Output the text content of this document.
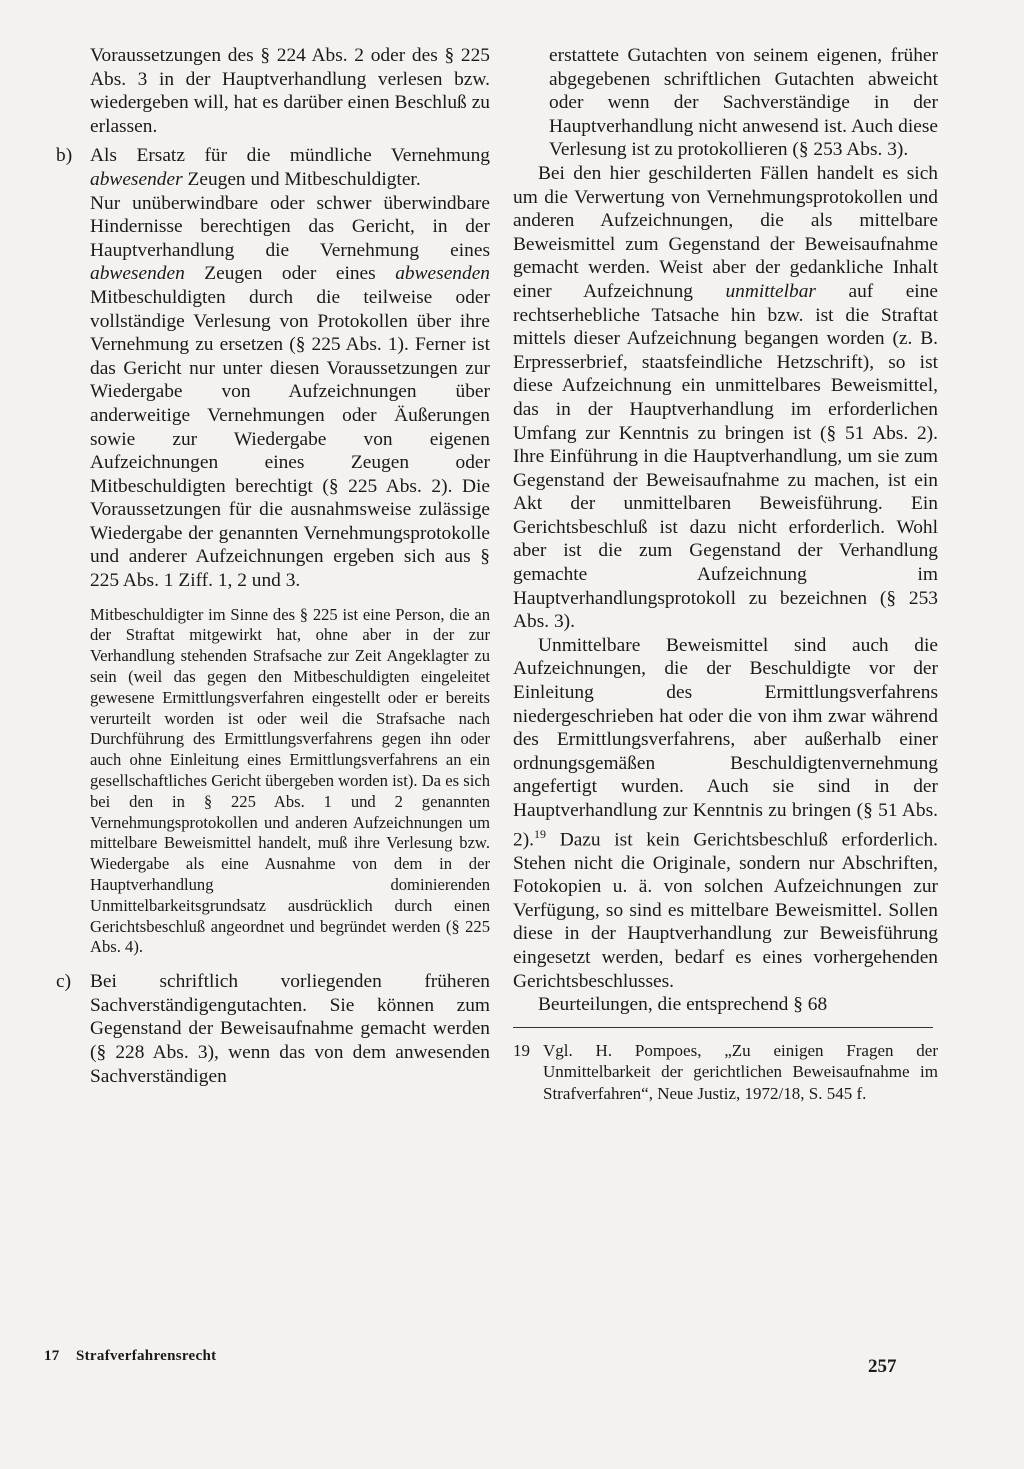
Voraussetzungen des § 224 Abs. 2 oder des § 225 Abs. 3 in der Hauptverhandlung verlesen bzw. wiedergeben will, hat es darüber einen Beschluß zu erlassen.

b) Als Ersatz für die mündliche Vernehmung abwesender Zeugen und Mitbeschuldigter.

Nur unüberwindbare oder schwer überwindbare Hindernisse berechtigen das Gericht, in der Hauptverhandlung die Vernehmung eines abwesenden Zeugen oder eines abwesenden Mitbeschuldigten durch die teilweise oder vollständige Verlesung von Protokollen über ihre Vernehmung zu ersetzen (§ 225 Abs. 1). Ferner ist das Gericht nur unter diesen Voraussetzungen zur Wiedergabe von Aufzeichnungen über anderweitige Vernehmungen oder Äußerungen sowie zur Wiedergabe von eigenen Aufzeichnungen eines Zeugen oder Mitbeschuldigten berechtigt (§ 225 Abs. 2). Die Voraussetzungen für die ausnahmsweise zulässige Wiedergabe der genannten Vernehmungsprotokolle und anderer Aufzeichnungen ergeben sich aus § 225 Abs. 1 Ziff. 1, 2 und 3.

Mitbeschuldigter im Sinne des § 225 ist eine Person, die an der Straftat mitgewirkt hat, ohne aber in der zur Verhandlung stehenden Strafsache zur Zeit Angeklagter zu sein (weil das gegen den Mitbeschuldigten eingeleitet gewesene Ermittlungsverfahren eingestellt oder er bereits verurteilt worden ist oder weil die Strafsache nach Durchführung des Ermittlungsverfahrens gegen ihn oder auch ohne Einleitung eines Ermittlungsverfahrens an ein gesellschaftliches Gericht übergeben worden ist). Da es sich bei den in § 225 Abs. 1 und 2 genannten Vernehmungsprotokollen und anderen Aufzeichnungen um mittelbare Beweismittel handelt, muß ihre Verlesung bzw. Wiedergabe als eine Ausnahme von dem in der Hauptverhandlung dominierenden Unmittelbarkeitsgrundsatz ausdrücklich durch einen Gerichtsbeschluß angeordnet und begründet werden (§ 225 Abs. 4).

c) Bei schriftlich vorliegenden früheren Sachverständigengutachten. Sie können zum Gegenstand der Beweisaufnahme gemacht werden (§ 228 Abs. 3), wenn das von dem anwesenden Sachverständigen

erstattete Gutachten von seinem eigenen, früher abgegebenen schriftlichen Gutachten abweicht oder wenn der Sachverständige in der Hauptverhandlung nicht anwesend ist. Auch diese Verlesung ist zu protokollieren (§ 253 Abs. 3).

Bei den hier geschilderten Fällen handelt es sich um die Verwertung von Vernehmungsprotokollen und anderen Aufzeichnungen, die als mittelbare Beweismittel zum Gegenstand der Beweisaufnahme gemacht werden. Weist aber der gedankliche Inhalt einer Aufzeichnung unmittelbar auf eine rechtserhebliche Tatsache hin bzw. ist die Straftat mittels dieser Aufzeichnung begangen worden (z. B. Erpresserbrief, staatsfeindliche Hetzschrift), so ist diese Aufzeichnung ein unmittelbares Beweismittel, das in der Hauptverhandlung im erforderlichen Umfang zur Kenntnis zu bringen ist (§ 51 Abs. 2). Ihre Einführung in die Hauptverhandlung, um sie zum Gegenstand der Beweisaufnahme zu machen, ist ein Akt der unmittelbaren Beweisführung. Ein Gerichtsbeschluß ist dazu nicht erforderlich. Wohl aber ist die zum Gegenstand der Verhandlung gemachte Aufzeichnung im Hauptverhandlungsprotokoll zu bezeichnen (§ 253 Abs. 3).

Unmittelbare Beweismittel sind auch die Aufzeichnungen, die der Beschuldigte vor der Einleitung des Ermittlungsverfahrens niedergeschrieben hat oder die von ihm zwar während des Ermittlungsverfahrens, aber außerhalb einer ordnungsgemäßen Beschuldigtenvernehmung angefertigt wurden. Auch sie sind in der Hauptverhandlung zur Kenntnis zu bringen (§ 51 Abs. 2).$^{19}$ Dazu ist kein Gerichtsbeschluß erforderlich. Stehen nicht die Originale, sondern nur Abschriften, Fotokopien u. ä. von solchen Aufzeichnungen zur Verfügung, so sind es mittelbare Beweismittel. Sollen diese in der Hauptverhandlung zur Beweisführung eingesetzt werden, bedarf es eines vorhergehenden Gerichtsbeschlusses.

Beurteilungen, die entsprechend § 68

19 Vgl. H. Pompoes, „Zu einigen Fragen der Unmittelbarkeit der gerichtlichen Beweisaufnahme im Strafverfahren“, Neue Justiz, 1972/18, S. 545 f.
17 Strafverfahrensrecht	257
